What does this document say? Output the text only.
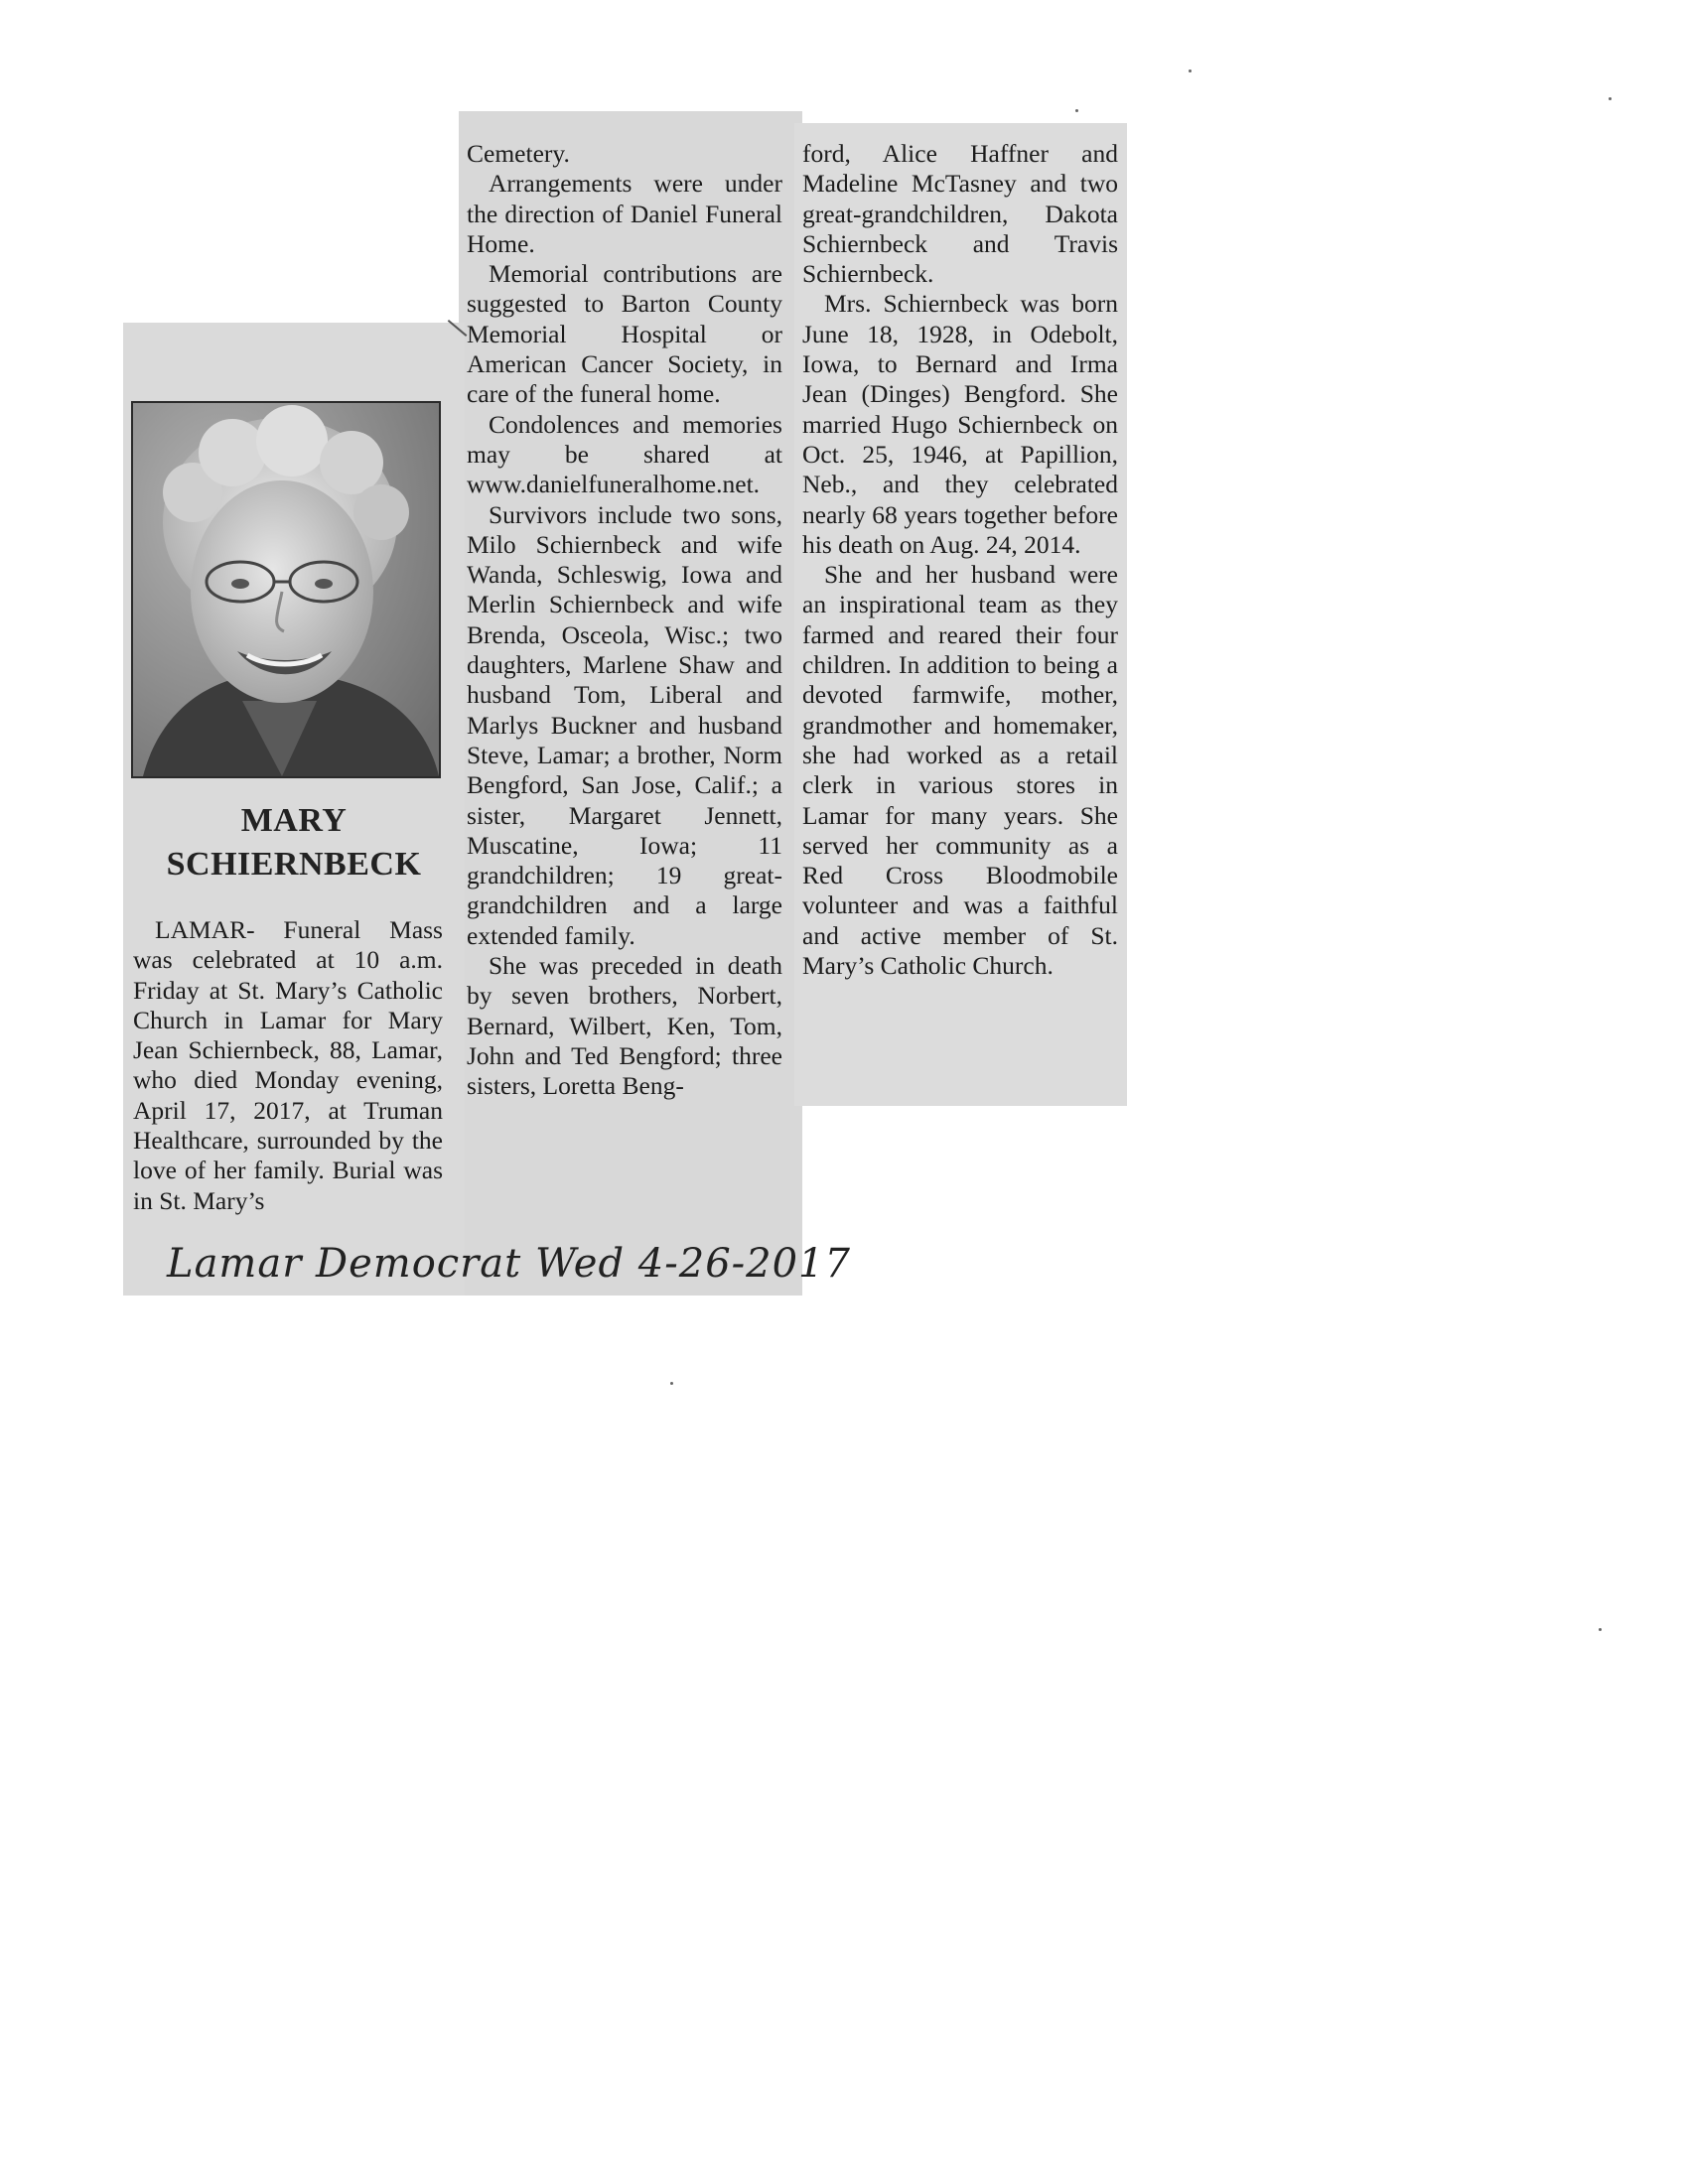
MARY
SCHIERNBECK

LAMAR- Funeral Mass was celebrated at 10 a.m. Friday at St. Mary’s Catholic Church in Lamar for Mary Jean Schiernbeck, 88, Lamar, who died Monday evening, April 17, 2017, at Truman Healthcare, surrounded by the love of her family. Burial was in St. Mary’s

Cemetery.

Arrangements were under the direction of Daniel Funeral Home.

Memorial contributions are suggested to Barton County Memorial Hospital or American Cancer Society, in care of the funeral home.

Condolences and memories may be shared at www.danielfuneralhome.net.

Survivors include two sons, Milo Schiernbeck and wife Wanda, Schleswig, Iowa and Merlin Schiernbeck and wife Brenda, Osceola, Wisc.; two daughters, Marlene Shaw and husband Tom, Liberal and Marlys Buckner and husband Steve, Lamar; a brother, Norm Bengford, San Jose, Calif.; a sister, Margaret Jennett, Muscatine, Iowa; 11 grandchildren; 19 great-grandchildren and a large extended family.

She was preceded in death by seven brothers, Norbert, Bernard, Wilbert, Ken, Tom, John and Ted Bengford; three sisters, Loretta Beng-

ford, Alice Haffner and Madeline McTasney and two great-grandchildren, Dakota Schiernbeck and Travis Schiernbeck.

Mrs. Schiernbeck was born June 18, 1928, in Odebolt, Iowa, to Bernard and Irma Jean (Dinges) Bengford. She married Hugo Schiernbeck on Oct. 25, 1946, at Papillion, Neb., and they celebrated nearly 68 years together before his death on Aug. 24, 2014.

She and her husband were an inspirational team as they farmed and reared their four children. In addition to being a devoted farmwife, mother, grandmother and homemaker, she had worked as a retail clerk in various stores in Lamar for many years. She served her community as a Red Cross Bloodmobile volunteer and was a faithful and active member of St. Mary’s Catholic Church.

Lamar Democrat Wed 4-26-2017
